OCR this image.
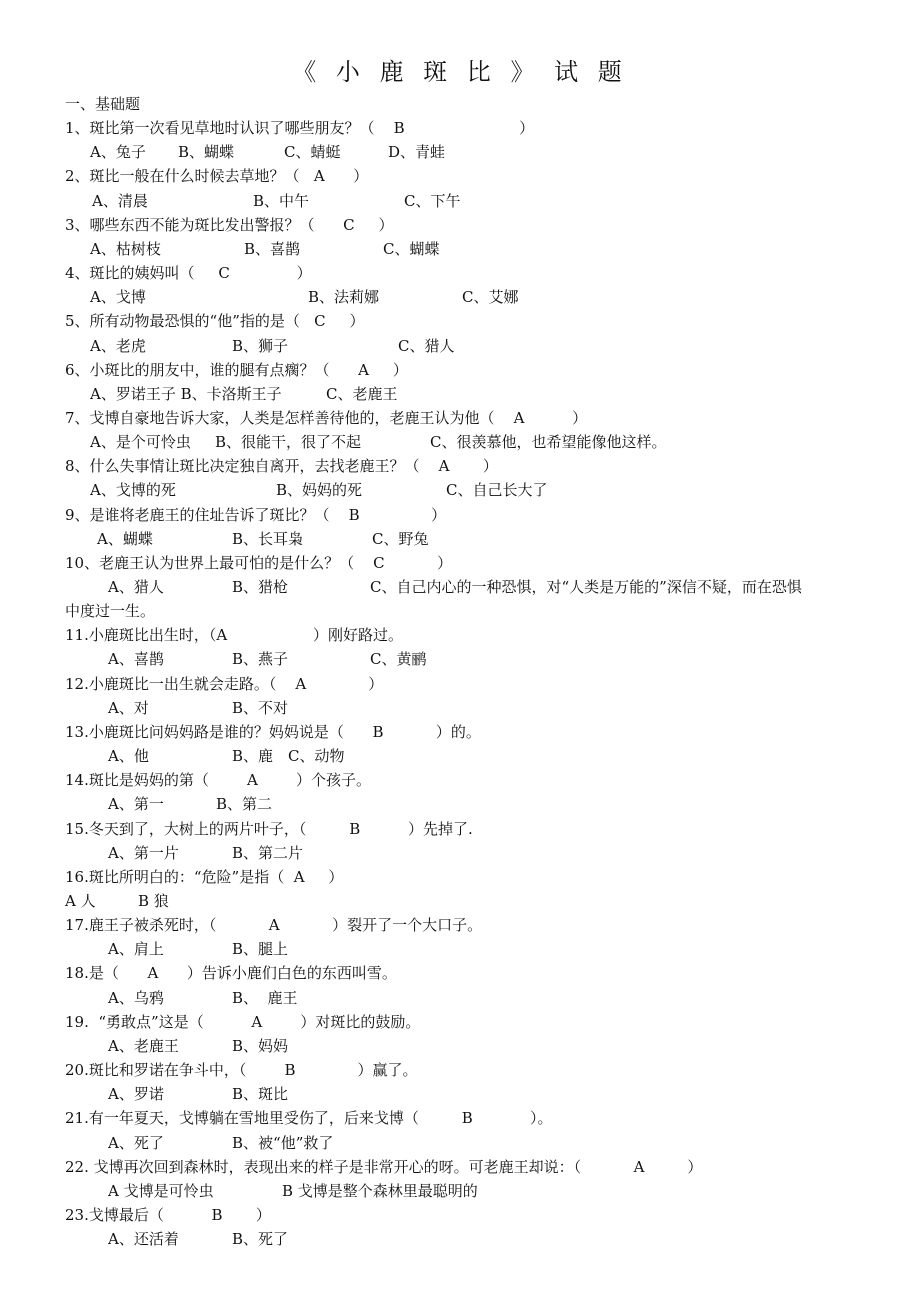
《 小 鹿 斑 比 》 试 题
一、基础题
1、斑比第一次看见草地时认识了哪些朋友？（    B                        ）
A、兔子 B、蝴蝶	C、蜻蜓	D、青蛙
2、斑比一般在什么时候去草地？（   A      ）
A、清晨	B、中午	C、下午
3、哪些东西不能为斑比发出警报？（      C     ）
A、枯树枝	B、喜鹊	C、蝴蝶
4、斑比的姨妈叫（     C              ）
A、戈博	B、法莉娜	C、艾娜
5、所有动物最恐惧的“他”指的是（   C     ）
A、老虎	B、狮子	C、猎人
6、小斑比的朋友中，谁的腿有点瘸？（      A     ）
A、罗诺王子 B、卡洛斯王子	C、老鹿王
7、戈博自豪地告诉大家，人类是怎样善待他的，老鹿王认为他（    A          ）
A、是个可怜虫 B、很能干，很了不起	C、很羡慕他，也希望能像他这样。
8、什么失事情让斑比决定独自离开，去找老鹿王？（    A       ）
A、戈博的死	B、妈妈的死	C、自己长大了
9、是谁将老鹿王的住址告诉了斑比？（    B               ）
A、蝴蝶	B、长耳枭	C、野兔
10、老鹿王认为世界上最可怕的是什么？（    C           ）
A、猎人	B、猎枪	C、自己内心的一种恐惧，对“人类是万能的”深信不疑，而在恐惧
中度过一生。
11.小鹿斑比出生时，（A                  ）刚好路过。
A、喜鹊	B、燕子	C、黄鹂
12.小鹿斑比一出生就会走路。（    A             ）
A、对	B、不对
13.小鹿斑比问妈妈路是谁的？妈妈说是（      B           ）的。
A、他	B、鹿 C、动物
14.斑比是妈妈的第（        A        ）个孩子。
A、第一	B、第二
15.冬天到了，大树上的两片叶子，（         B          ）先掉了.
A、第一片	B、第二片
16.斑比所明白的：“危险”是指（  A     ）
A 人	B 狼
17.鹿王子被杀死时，（           A           ）裂开了一个大口子。
A、肩上	B、腿上
18.是（      A      ）告诉小鹿们白色的东西叫雪。
A、乌鸦	B、  鹿王
19.  “勇敢点”这是（          A        ）对斑比的鼓励。
A、老鹿王	B、妈妈
20.斑比和罗诺在争斗中，（        B             ）赢了。
A、罗诺	B、斑比
21.有一年夏天，戈博躺在雪地里受伤了，后来戈博（         B            ）。
A、死了	B、被“他”救了
22. 戈博再次回到森林时，表现出来的样子是非常开心的呀。可老鹿王却说：（           A         ）
A 戈博是可怜虫	B 戈博是整个森林里最聪明的
23.戈博最后（          B       ）
A、还活着	B、死了
